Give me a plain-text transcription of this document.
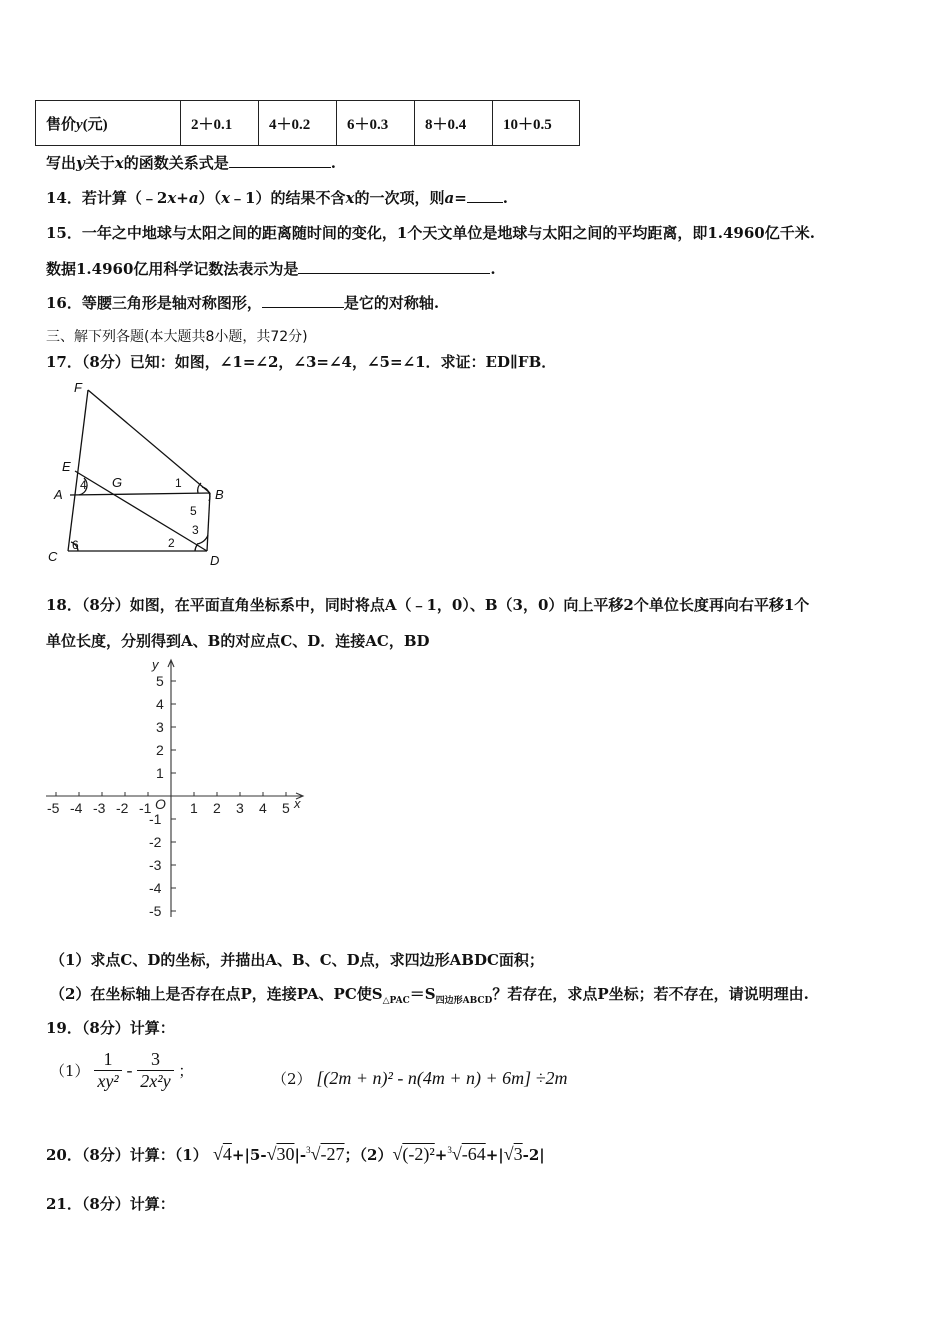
售价y(元)	2＋0.1	4＋0.2	6＋0.3	8＋0.4	10＋0.5
写出y关于x的函数关系式是	.
14．若计算（﹣2x+a）（x﹣1）的结果不含x的一次项，则a= .
15．一年之中地球与太阳之间的距离随时间的变化，1个天文单位是地球与太阳之间的平均距离，即1.4960亿千米.
数据1.4960亿用科学记数法表示为是	.
16．等腰三角形是轴对称图形，	是它的对称轴.
三、解下列各题(本大题共8小题，共72分)
17．（8分）已知：如图，∠1=∠2，∠3=∠4，∠5=∠1．求证：ED∥FB．
F
E
A
G
B
C	D
1
2
3
4
5
6
18．（8分）如图，在平面直角坐标系中，同时将点A（﹣1，0）、B（3，0）向上平移2个单位长度再向右平移1个
单位长度，分别得到A、B的对应点C、D．连接AC，BD
-5 -4 -3 -2 -1	1 2 3 4 5
5
4
3
2
1
-1
-2
-3
-4
-5
y
x
O
（1）求点C、D的坐标，并描出A、B、C、D点，求四边形ABDC面积；
（2）在坐标轴上是否存在点P，连接PA、PC使$S_{\triangle PAC}=S_{四边形ABCD}$？若存在，求点P坐标；若不存在，请说明理由.
19．（8分）计算：
$(1) \frac{1}{\text{xy²}} - \frac{3}{\text{2x²y}}$ ；	（2） [(2m + n)² - n(4m + n) + 6m] ÷2m
20．（8分）计算：（1） √4+|5-√30|-$^3$√-27；（2）√(-2)²+$^3$√-64+|√3-2|
21．（8分）计算：
